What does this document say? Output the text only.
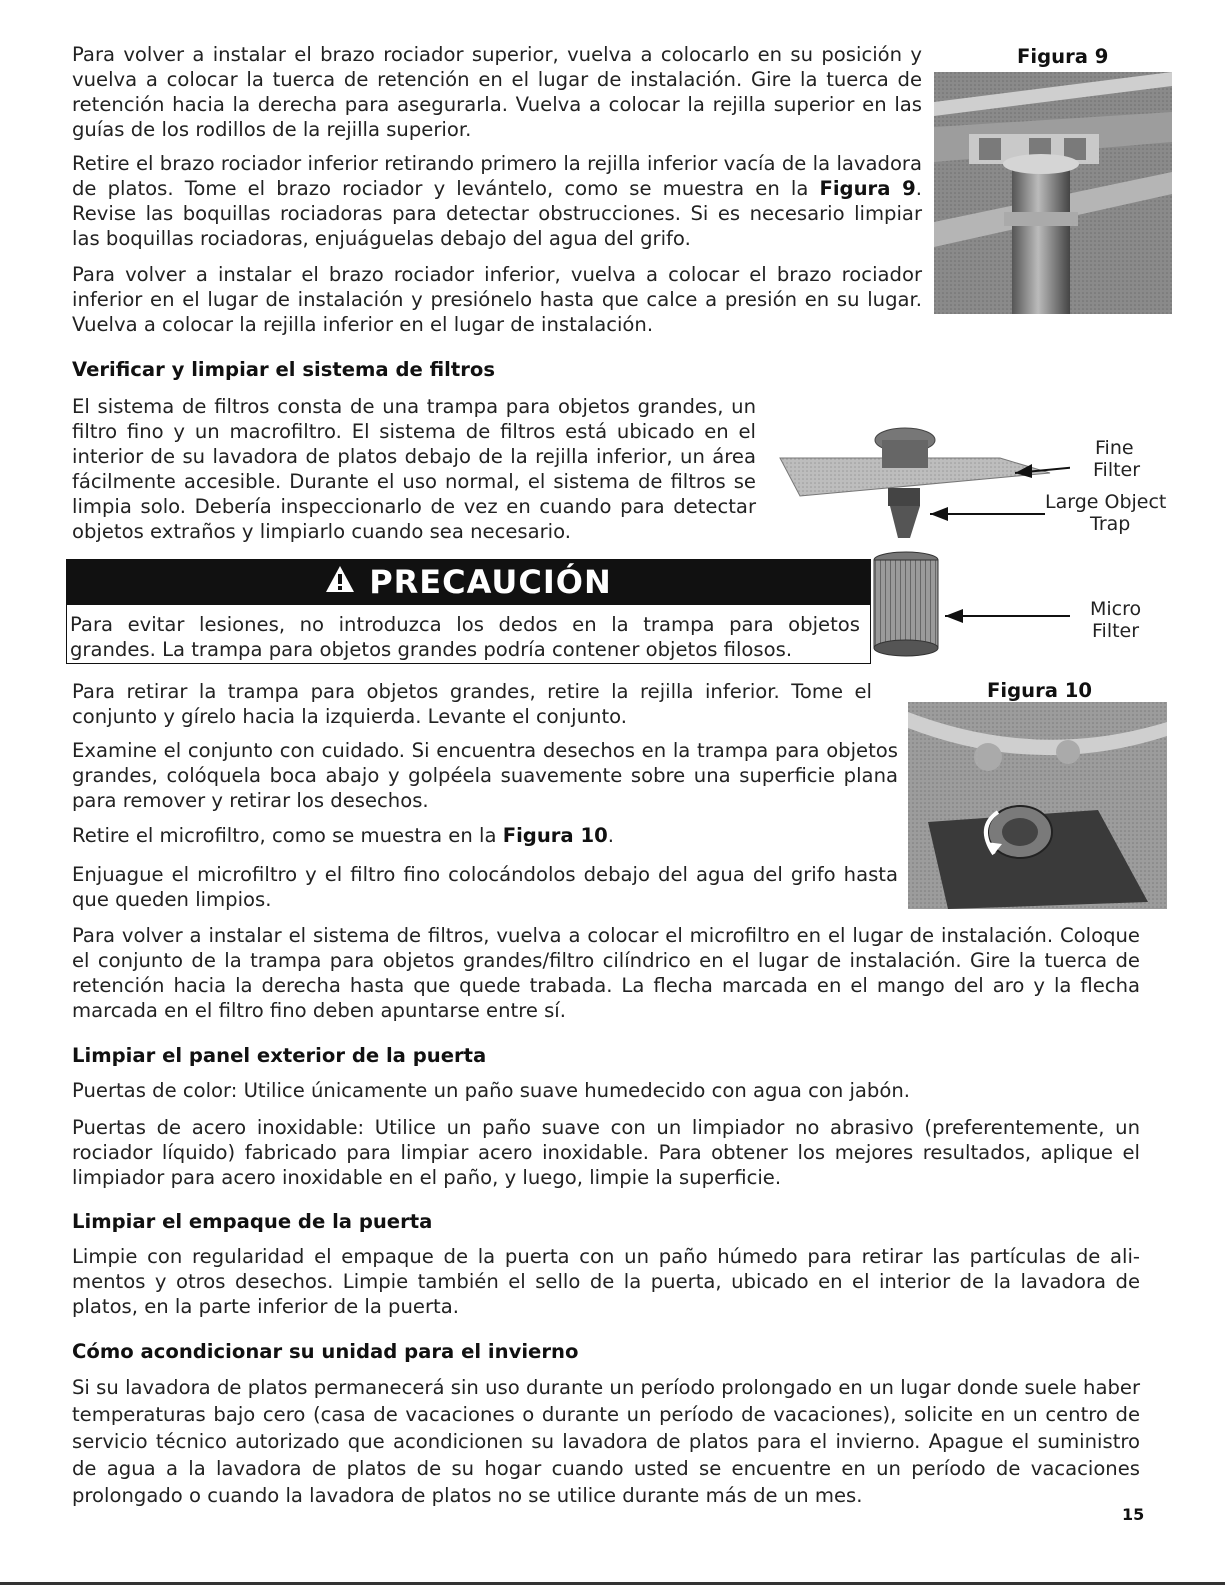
Figura 9

Para volver a instalar el brazo rociador superior, vuelva a colocarlo en su posición y vuelva a colocar la tuerca de retención en el lugar de instalación. Gire la tuerca de retención hacia la derecha para asegurarla. Vuelva a colocar la rejilla superior en las guías de los rodillos de la rejilla superior.

Retire el brazo rociador inferior retirando primero la rejilla inferior vacía de la lavadora de platos. Tome el brazo rociador y levántelo, como se muestra en la Figura 9. Revise las boquillas rociadoras para detectar obstrucciones. Si es necesario limpiar las boquillas rociadoras, enjuáguelas debajo del agua del grifo.

Para volver a instalar el brazo rociador inferior, vuelva a colocar el brazo rociador inferior en el lugar de instalación y presiónelo hasta que calce a presión en su lugar. Vuelva a colocar la rejilla inferior en el lugar de instalación.

Verificar y limpiar el sistema de filtros

El sistema de filtros consta de una trampa para objetos grandes, un filtro fino y un macrofiltro. El sistema de filtros está ubicado en el interior de su lavadora de platos debajo de la rejilla inferior, un área fácilmente accesible. Durante el uso normal, el sistema de filtros se limpia solo. Debería inspeccionarlo de vez en cuando para detectar objetos extraños y limpiarlo cuando sea necesario.

Fine
Filter
Large Object
Trap
Micro
Filter
PRECAUCIÓN

Para evitar lesiones, no introduzca los dedos en la trampa para objetos grandes. La trampa para objetos grandes podría contener objetos filosos.

Figura 10

Para retirar la trampa para objetos grandes, retire la rejilla inferior. Tome el conjunto y gírelo hacia la izquierda. Levante el conjunto.

Examine el conjunto con cuidado. Si encuentra desechos en la trampa para objetos grandes, colóquela boca abajo y golpéela suavemente sobre una superficie plana para remover y retirar los desechos.

Retire el microfiltro, como se muestra en la Figura 10.

Enjuague el microfiltro y el filtro fino colocándolos debajo del agua del grifo hasta que queden limpios.

Para volver a instalar el sistema de filtros, vuelva a colocar el microfiltro en el lugar de instalación. Coloque el conjunto de la trampa para objetos grandes/filtro cilíndrico en el lugar de instalación. Gire la tuerca de retención hacia la derecha hasta que quede trabada. La flecha marcada en el mango del aro y la flecha marcada en el filtro fino deben apuntarse entre sí.

Limpiar el panel exterior de la puerta

Puertas de color: Utilice únicamente un paño suave humedecido con agua con jabón.

Puertas de acero inoxidable: Utilice un paño suave con un limpiador no abrasivo (preferentemente, un rociador líquido) fabricado para limpiar acero inoxidable. Para obtener los mejores resultados, aplique el limpiador para acero inoxidable en el paño, y luego, limpie la superficie.

Limpiar el empaque de la puerta

Limpie con regularidad el empaque de la puerta con un paño húmedo para retirar las partículas de alimentos y otros desechos. Limpie también el sello de la puerta, ubicado en el interior de la lavadora de platos, en la parte inferior de la puerta.

Cómo acondicionar su unidad para el invierno

Si su lavadora de platos permanecerá sin uso durante un período prolongado en un lugar donde suele haber temperaturas bajo cero (casa de vacaciones o durante un período de vacaciones), solicite en un centro de servicio técnico autorizado que acondicionen su lavadora de platos para el invierno. Apague el suministro de agua a la lavadora de platos de su hogar cuando usted se encuentre en un período de vacaciones prolongado o cuando la lavadora de platos no se utilice durante más de un mes.

15
